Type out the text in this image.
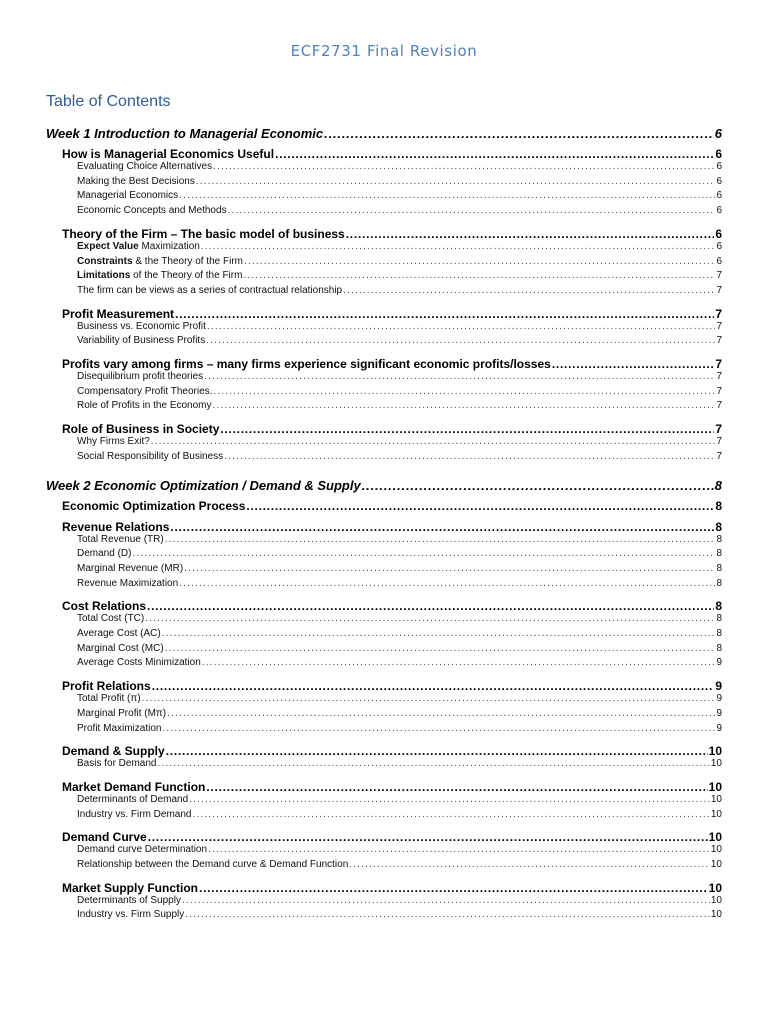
ECF2731 Final Revision
Table of Contents
Week 1 Introduction to Managerial Economic . . .	6
How is Managerial Economics Useful . . .	6
Evaluating Choice Alternatives . . .	6
Making the Best Decisions . . .	6
Managerial Economics . . .	6
Economic Concepts and Methods . . .	6
Theory of the Firm – The basic model of business . . .	6
Expect Value Maximization . . .	6
Constraints & the Theory of the Firm . . .	6
Limitations of the Theory of the Firm . . .	7
The firm can be views as a series of contractual relationship . . .	7
Profit Measurement . . .	7
Business vs. Economic Profit . . .	7
Variability of Business Profits . . .	7
Profits vary among firms – many firms experience significant economic profits/losses . . .	7
Disequilibrium profit theories . . .	7
Compensatory Profit Theories. . . .	7
Role of Profits in the Economy . . .	7
Role of Business in Society . . .	7
Why Firms Exit? . . .	7
Social Responsibility of Business . . .	7
Week 2 Economic Optimization / Demand & Supply . . .	8
Economic Optimization Process . . .	8
Revenue Relations . . .	8
Total Revenue (TR) . . .	8
Demand (D) . . .	8
Marginal Revenue (MR) . . .	8
Revenue Maximization . . .	8
Cost Relations . . .	8
Total Cost (TC) . . .	8
Average Cost (AC) . . .	8
Marginal Cost (MC) . . .	8
Average Costs Minimization . . .	9
Profit Relations . . .	9
Total Profit (π) . . .	9
Marginal Profit (Mπ) . . .	9
Profit Maximization . . .	9
Demand & Supply . . .	10
Basis for Demand . . .	10
Market Demand Function . . .	10
Determinants of Demand . . .	10
Industry vs. Firm Demand . . .	10
Demand Curve . . .	10
Demand curve Determination . . .	10
Relationship between the Demand curve & Demand Function . . .	10
Market Supply Function . . .	10
Determinants of Supply . . .	10
Industry vs. Firm Supply . . .	10
